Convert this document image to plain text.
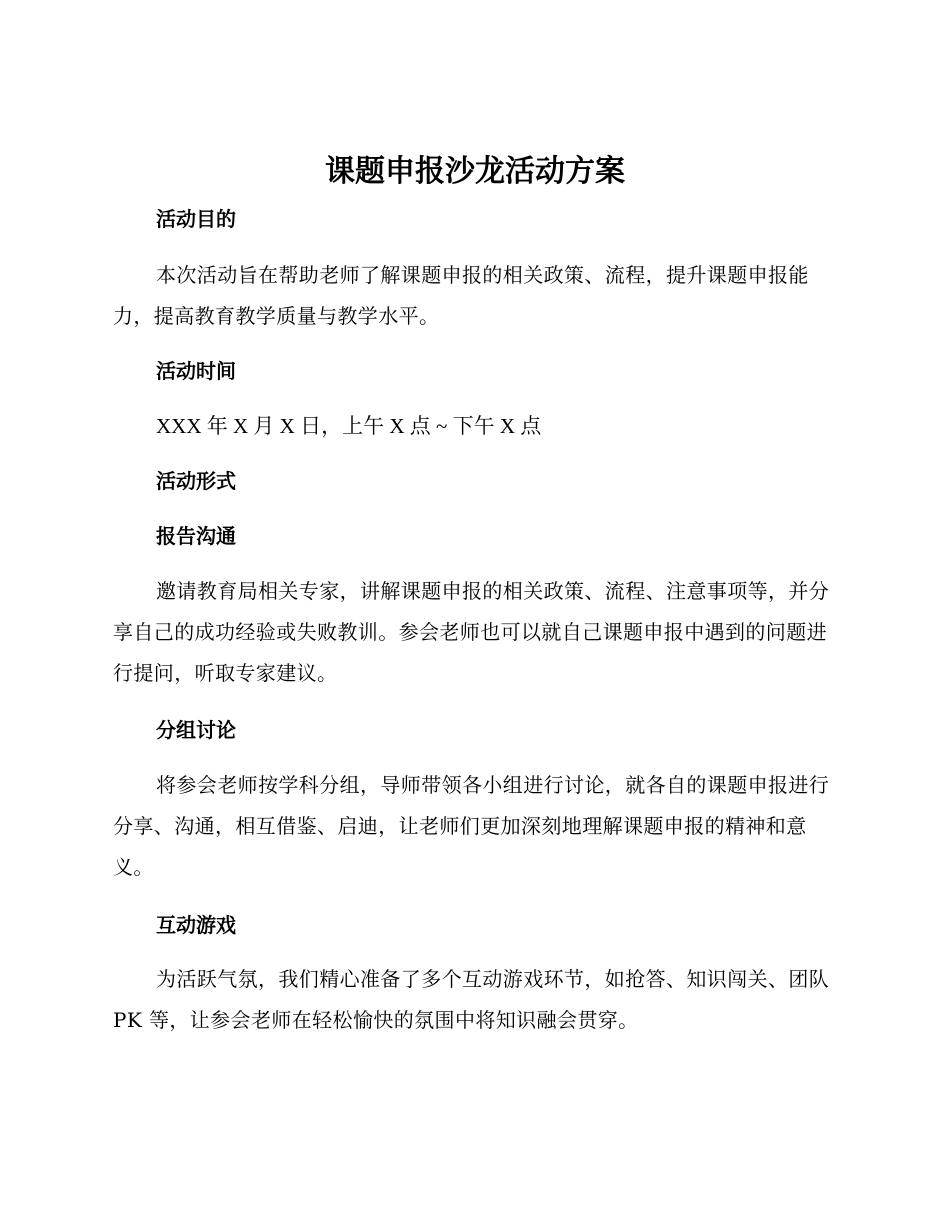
课题申报沙龙活动方案
活动目的

本次活动旨在帮助老师了解课题申报的相关政策、流程，提升课题申报能力，提高教育教学质量与教学水平。

活动时间

XXX 年 X 月 X 日，上午 X 点 ~ 下午 X 点

活动形式
报告沟通

邀请教育局相关专家，讲解课题申报的相关政策、流程、注意事项等，并分享自己的成功经验或失败教训。参会老师也可以就自己课题申报中遇到的问题进行提问，听取专家建议。

分组讨论

将参会老师按学科分组，导师带领各小组进行讨论，就各自的课题申报进行分享、沟通，相互借鉴、启迪，让老师们更加深刻地理解课题申报的精神和意义。

互动游戏

为活跃气氛，我们精心准备了多个互动游戏环节，如抢答、知识闯关、团队 PK 等，让参会老师在轻松愉快的氛围中将知识融会贯穿。
